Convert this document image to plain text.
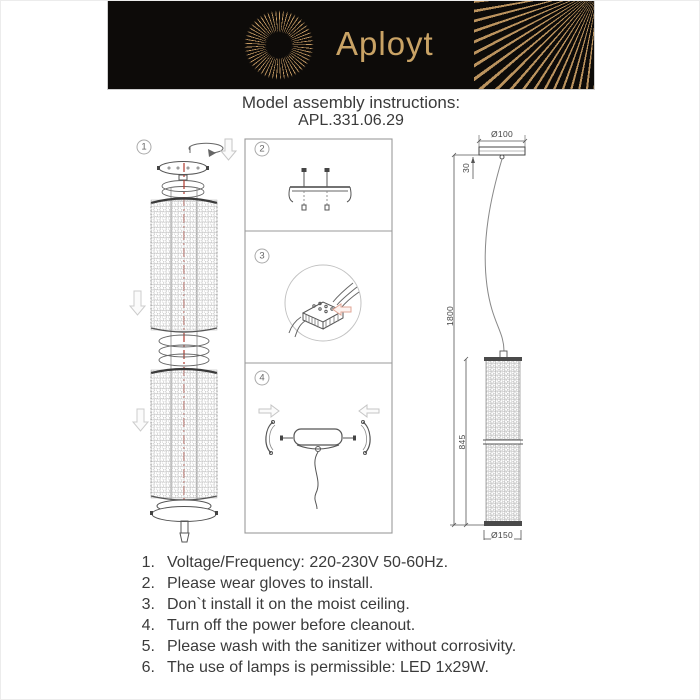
Aployt
Model assembly instructions:
APL.331.06.29
1	2
3
4
Ø100
30
1800
845
Ø150
1. Voltage/Frequency: 220-230V 50-60Hz.
2. Please wear gloves to install.
3. Don`t install it on the moist ceiling.
4. Turn off the power before cleanout.
5. Please wash with the sanitizer without corrosivity.
6. The use of lamps is permissible: LED 1x29W.
